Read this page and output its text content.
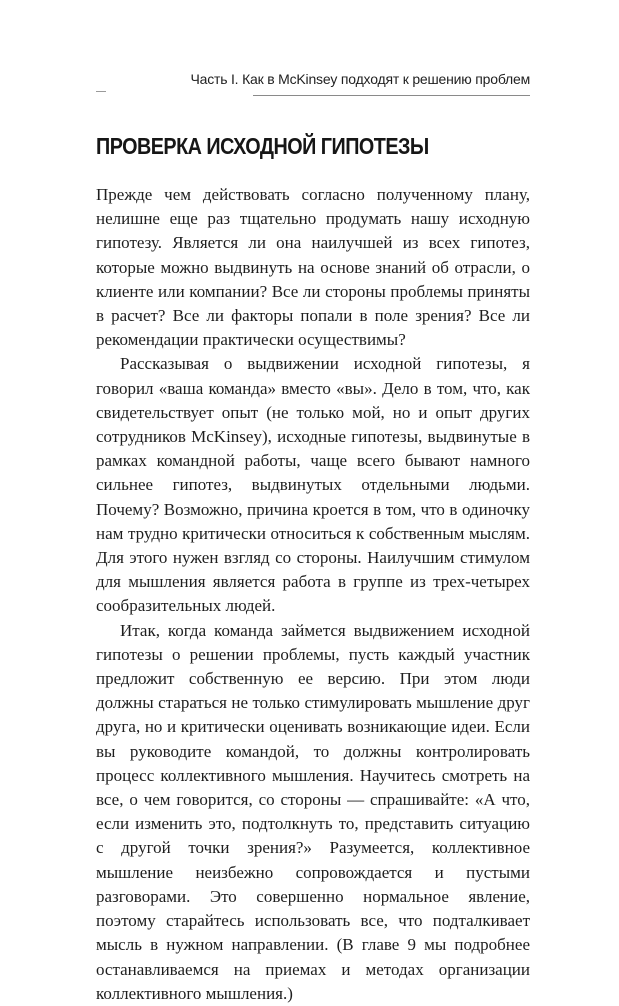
Часть I. Как в McKinsey подходят к решению проблем
ПРОВЕРКА ИСХОДНОЙ ГИПОТЕЗЫ

Прежде чем действовать согласно полученному плану, нелишне еще раз тщательно продумать нашу исходную гипотезу. Является ли она наилучшей из всех гипотез, которые можно выдвинуть на основе знаний об отрасли, о клиенте или компании? Все ли стороны проблемы приняты в расчет? Все ли факторы попали в поле зрения? Все ли рекомендации практически осуществимы?

Рассказывая о выдвижении исходной гипотезы, я говорил «ваша команда» вместо «вы». Дело в том, что, как свидетельствует опыт (не только мой, но и опыт других сотрудников McKinsey), исходные гипотезы, выдвинутые в рамках командной работы, чаще всего бывают намного сильнее гипотез, выдвинутых отдельными людьми. Почему? Возможно, причина кроется в том, что в одиночку нам трудно критически относиться к собственным мыслям. Для этого нужен взгляд со стороны. Наилучшим стимулом для мышления является работа в группе из трех-четырех сообразительных людей.

Итак, когда команда займется выдвижением исходной гипотезы о решении проблемы, пусть каждый участник предложит собственную ее версию. При этом люди должны стараться не только стимулировать мышление друг друга, но и критически оценивать возникающие идеи. Если вы руководите командой, то должны контролировать процесс коллективного мышления. Научитесь смотреть на все, о чем говорится, со стороны — спрашивайте: «А что, если изменить это, подтолкнуть то, представить ситуацию с другой точки зрения?» Разумеется, коллективное мышление неизбежно сопровождается и пустыми разговорами. Это совершенно нормальное явление, поэтому старайтесь использовать все, что подталкивает мысль в нужном направлении. (В главе 9 мы подробнее останавливаемся на приемах и методах организации коллективного мышления.)
